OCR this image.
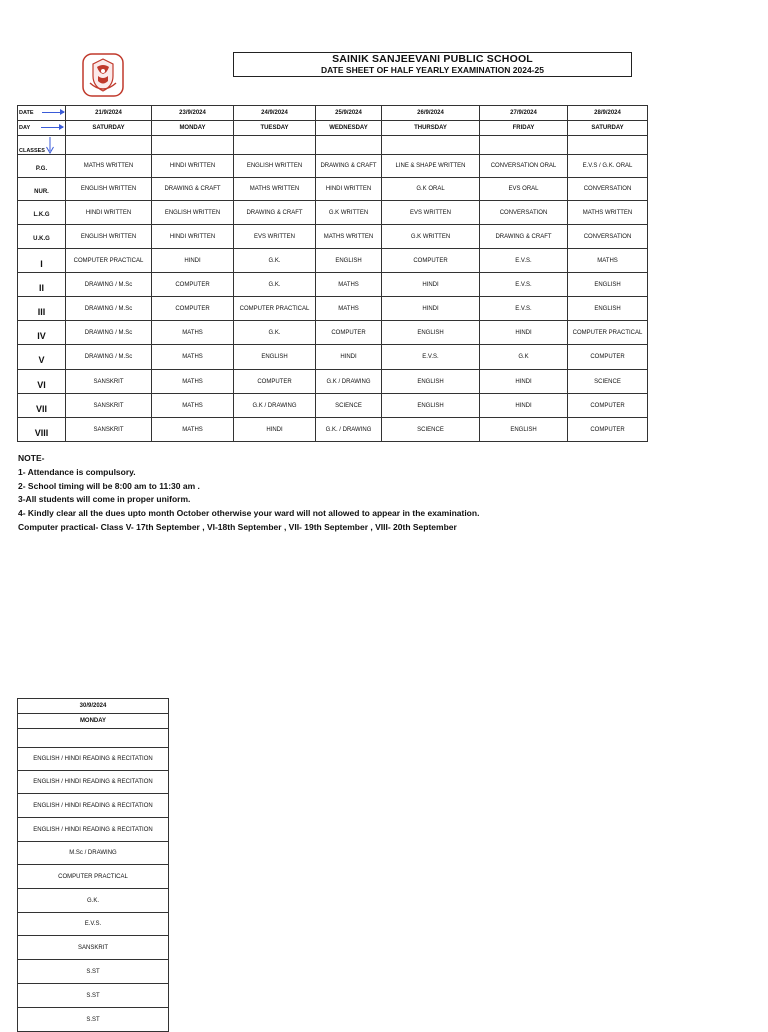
SAINIK SANJEEVANI PUBLIC SCHOOL
DATE SHEET OF HALF YEARLY EXAMINATION 2024-25
DATE	21/9/2024	23/9/2024	24/9/2024	25/9/2024	26/9/2024	27/9/2024	28/9/2024
DAY	SATURDAY	MONDAY	TUESDAY	WEDNESDAY	THURSDAY	FRIDAY	SATURDAY
CLASSES

P.G.	MATHS WRITTEN	HINDI WRITTEN	ENGLISH WRITTEN	DRAWING & CRAFT	LINE & SHAPE WRITTEN	CONVERSATION ORAL	E.V.S / G.K. ORAL

NUR.	ENGLISH WRITTEN	DRAWING & CRAFT	MATHS WRITTEN	HINDI WRITTEN	G.K ORAL	EVS ORAL	CONVERSATION

L.K.G	HINDI WRITTEN	ENGLISH WRITTEN	DRAWING & CRAFT	G.K WRITTEN	EVS WRITTEN	CONVERSATION	MATHS WRITTEN

U.K.G	ENGLISH WRITTEN	HINDI WRITTEN	EVS WRITTEN	MATHS WRITTEN	G.K WRITTEN	DRAWING & CRAFT	CONVERSATION

I	COMPUTER PRACTICAL	HINDI	G.K.	ENGLISH	COMPUTER	E.V.S.	MATHS

II	DRAWING / M.Sc	COMPUTER	G.K.	MATHS	HINDI	E.V.S.	ENGLISH

III	DRAWING / M.Sc	COMPUTER	COMPUTER PRACTICAL	MATHS	HINDI	E.V.S.	ENGLISH

IV	DRAWING / M.Sc	MATHS	G.K.	COMPUTER	ENGLISH	HINDI	COMPUTER PRACTICAL

V	DRAWING / M.Sc	MATHS	ENGLISH	HINDI	E.V.S.	G.K	COMPUTER

VI	SANSKRIT	MATHS	COMPUTER	G.K / DRAWING	ENGLISH	HINDI	SCIENCE

VII	SANSKRIT	MATHS	G.K / DRAWING	SCIENCE	ENGLISH	HINDI	COMPUTER

VIII	SANSKRIT	MATHS	HINDI	G.K. / DRAWING	SCIENCE	ENGLISH	COMPUTER
NOTE-
1- Attendance is compulsory.
2- School timing will be 8:00 am to 11:30 am .
3-All students will come in proper uniform.
4- Kindly clear all the dues upto month October otherwise your ward will not allowed to appear in the examination.
Computer practical- Class V- 17th September , VI-18th September , VII- 19th September , VIII- 20th September
30/9/2024
MONDAY

ENGLISH / HINDI READING & RECITATION
ENGLISH / HINDI READING & RECITATION
ENGLISH / HINDI READING & RECITATION
ENGLISH / HINDI READING & RECITATION
M.Sc / DRAWING
COMPUTER PRACTICAL
G.K.
E.V.S.
SANSKRIT
S.ST
S.ST
S.ST
